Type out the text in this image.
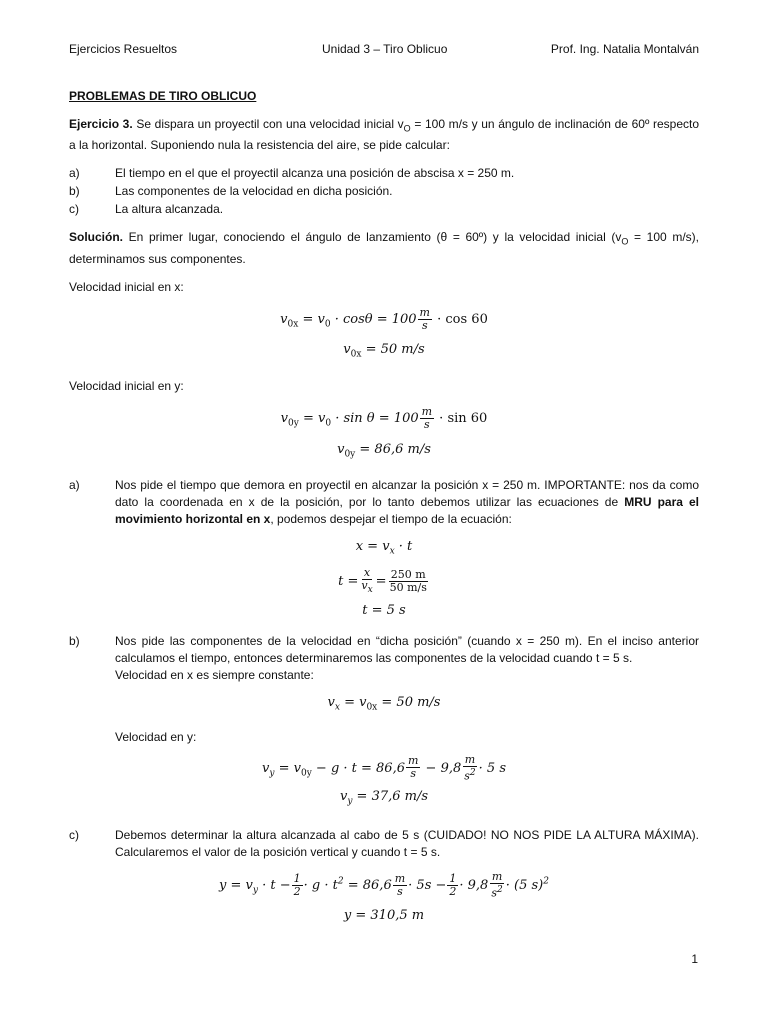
Ejercicios Resueltos	Unidad 3 – Tiro Oblicuo	Prof. Ing. Natalia Montalván
PROBLEMAS DE TIRO OBLICUO

Ejercicio 3. Se dispara un proyectil con una velocidad inicial $v_O = 100$ m/s y un ángulo de inclinación de 60º respecto a la horizontal. Suponiendo nula la resistencia del aire, se pide calcular:

a)	El tiempo en el que el proyectil alcanza una posición de abscisa x = 250 m.
b)	Las componentes de la velocidad en dicha posición.
c)	La altura alcanzada.

Solución. En primer lugar, conociendo el ángulo de lanzamiento (θ = 60º) y la velocidad inicial ($v_O = 100$ m/s), determinamos sus componentes.

Velocidad inicial en x:

$v_{0x} = v_0 \cdot \cos\theta = 100 \frac{m}{s} \cdot \cos 60$
$v_{0x} = 50$ m/s

Velocidad inicial en y:

$v_{0y} = v_0 \cdot \sin \theta = 100 \frac{m}{s} \cdot \sin 60$
$v_{0y} = 86,6$ m/s
a)	Nos pide el tiempo que demora en proyectil en alcanzar la posición x = 250 m. IMPORTANTE: nos da como dato la coordenada en x de la posición, por lo tanto debemos utilizar las ecuaciones de MRU para el movimiento horizontal en x, podemos despejar el tiempo de la ecuación:
$x = v_x \cdot t$
$t = \frac{x}{v_x} = \frac{250 m}{50 m/s}$
t = 5 s
b)	Nos pide las componentes de la velocidad en “dicha posición” (cuando x = 250 m). En el inciso anterior calculamos el tiempo, entonces determinaremos las componentes de la velocidad cuando t = 5 s.
Velocidad en x es siempre constante:
$v_x = v_{0x} = 50$ m/s
Velocidad en y:
$v_y = v_{0y} - g \cdot t = 86,6 \frac{m}{s} - 9,8 \frac{m}{s^2} \cdot 5$ s
$v_y = 37,6$ m/s
c)	Debemos determinar la altura alcanzada al cabo de 5 s (CUIDADO! NO NOS PIDE LA ALTURA MÁXIMA). Calcularemos el valor de la posición vertical y cuando t = 5 s.
$y = v_y \cdot t - \frac{1}{2} \cdot g \cdot t^2 = 86,6 \frac{m}{s} \cdot 5s - \frac{1}{2} \cdot 9,8 \frac{m}{s^2} \cdot (5$ s)$^2$
y = 310,5 m
1
